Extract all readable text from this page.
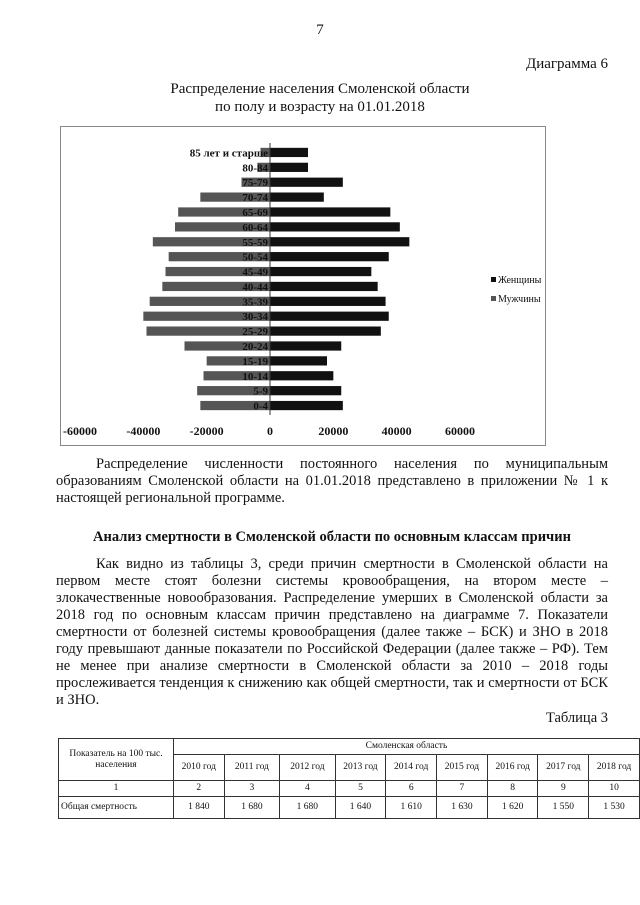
7
Диаграмма 6
Распределение населения Смоленской области
по полу и возрасту на 01.01.2018
0-4
5-9
10-14
15-19
20-24
25-29
30-34
35-39
40-44
45-49
50-54
55-59
60-64
65-69
70-74
75-79
80-84
85 лет и старше
-60000 -40000 -20000	0	20000	40000	60000
Женщины
Мужчины
Распределение численности постоянного населения по муниципальным образованиям Смоленской области на 01.01.2018 представлено в приложении № 1 к настоящей региональной программе.
Анализ смертности в Смоленской области по основным классам причин
Как видно из таблицы 3, среди причин смертности в Смоленской области на первом месте стоят болезни системы кровообращения, на втором месте – злокачественные новообразования. Распределение умерших в Смоленской области за 2018 год по основным классам причин представлено на диаграмме 7. Показатели смертности от болезней системы кровообращения (далее также – БСК) и ЗНО в 2018 году превышают данные показатели по Российской Федерации (далее также – РФ). Тем не менее при анализе смертности в Смоленской области за 2010 – 2018 годы прослеживается тенденция к снижению как общей смертности, так и смертности от БСК и ЗНО.
Таблица 3
Показатель на 100 тыс. населения	Смоленская область								
	2010 год	2011 год	2012 год	2013 год	2014 год	2015 год	2016 год	2017 год	2018 год
1	2	3	4	5	6	7	8	9	10
Общая смертность	1 840	1 680	1 680	1 640	1 610	1 630	1 620	1 550	1 530
